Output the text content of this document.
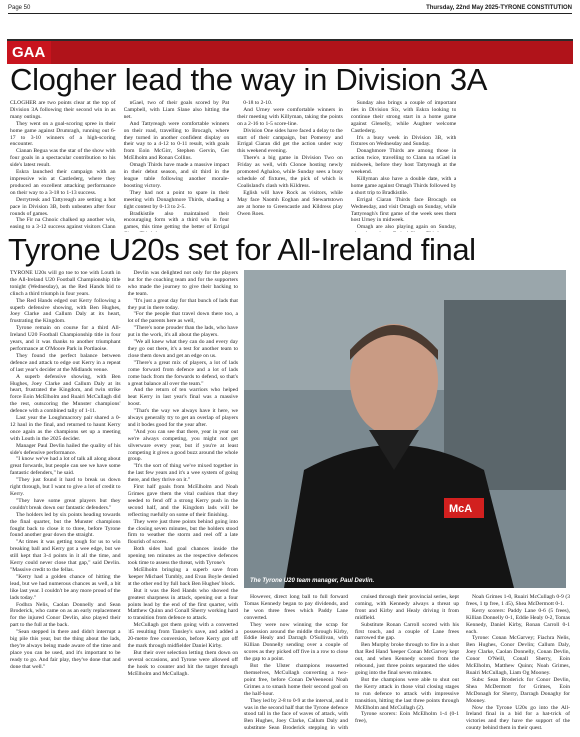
Page 50	Thursday, 22nd May 2025-TYRONE CONSTITUTION
GAA
Clogher lead the way in Division 3A

CLOGHER are two points clear at the top of Division 3A following their second win in as many outings.

They went on a goal-scoring spree in their home game against Drumragh, running out 6-17 to 3-10 winners of a high-scoring encounter.

Cianan Begua was the star of the show with four goals in a spectacular contribution to his side's latest result.

Eskra launched their campaign with an impressive win at Castlederg, where they produced an excellent attacking performance on their way to a 3-18 to 1-13 success.

Derrytresk and Tattyreagh are setting a hot pace in Division 3B, both unbeaten after four rounds of games.

The Fir na Chnoic chalked up another win, easing to a 3-12 success against visitors Clann

nGael, two of their goals scored by Pat Campbell, with Liam Slane also hitting the net.

And Tattyreagh were comfortable winners on their road, travelling to Brocagh, where they turned in another confident display on their way to a 4-12 to 0-11 result, with goals from Eoin McGirr, Stephen Gervin, Ger McElholm and Ronan Collins.

Omagh Thirds have made a massive impact in their debut season, and sit third in the league table following another morale-boosting victory.

They had not a point to spare in their meeting with Donaghmore Thirds, shading a tight contest by 0-13 to 2-5.

Bradkistile also maintained their encouraging form with a third win in four games, this time getting the better of Errigal

0-18 to 2-10.

And Urney were comfortable winners in their meeting with Killyman, taking the points on a 2-16 to 1-5 score-line.

Division One sides have faced a delay to the start of their campaign, but Pomeroy and Errigal Ciaran did get the action under way this weekend evening.

There's a big game in Division Two on Friday as well, with Clonoe hosting newly promoted Aghaloo, while Sunday sees a busy schedule of fixtures, the pick of which is Coalisland's clash with Kildress.

Eglish will have Rock as visitors, while May face Naomh Eoghan and Stewartstown are at home to Greencastle and Kildress play Owen Roes.

Sunday also brings a couple of important ties in Division Six, with Eskra looking to continue their strong start in a home game against Glenelly, while Aughter welcome Castlederg.

It's a busy week in Division 3B, with fixtures on Wednesday and Sunday.

Donaghmore Thirds are among those in action twice, travelling to Clann na nGael in midweek, before they host Tattyreagh at the weekend.

Killyman also have a double date, with a home game against Omagh Thirds followed by a short trip to Bradkistile.

Errigal Ciaran Thirds face Brocagh on Wednesday, and visit Omagh on Sunday, while Tattyreagh's first game of the week sees them host Urney in midweek.

Omagh are also playing again on Sunday,

Tyrone U20s set for All-Ireland final

TYRONE U20s will go toe to toe with Louth in the All-Ireland U20 Football Championship title tonight (Wednesday), as the Red Hands bid to clinch a third triumph in four years.

The Red Hands edged out Kerry following a superb defensive showing, with Ben Hughes, Joey Clarke and Callum Daly at its heart, frustrating the Kingdom.

Tyrone remain on course for a third All-Ireland U20 Football Championship title in four years, and it was thanks to another triumphant performance at O'Moore Park in Portlaoise.

They found the perfect balance between defence and attack to edge out Kerry in a repeat of last year's decider at the Midlands venue.

A superb defensive showing, with Ben Hughes, Joey Clarke and Callum Daly at its heart, frustrated the Kingdom, and twin strike force Eoin McElholm and Ruairi McCullagh did the rest, outscoring the Munster champions' defence with a combined tally of 1-11.

Last year the Loughmacrory pair shared a 0-12 haul in the final, and returned to haunt Kerry once again as the champions set up a meeting with Louth in the 2025 decider.

Manager Paul Devlin hailed the quality of his side's defensive performance.

"I know we've had a lot of talk all along about great forwards, but people can see we have some fantastic defenders," he said.

"They just found it hard to break us down right through, but I want to give a lot of credit to Kerry.

"They have some great players but they couldn't break down our fantastic defenders."

The holders led by six points heading towards the final quarter, but the Munster champions fought back to close it to three, before Tyrone found another gear down the straight.

"At times it was getting tough for us to win breaking ball and Kerry got a wee edge, but we still kept that 3-4 points in it all the time, and Kerry could never close that gap," said Devlin. "Massive credit to the fellas.

"Kerry had a golden chance of hitting the lead, but we had numerous chances as well, a bit like last year. I couldn't be any more proud of the lads today."

Fodhra Nelis, Caolan Donnelly and Sean Broderick, who came on as an early replacement for the injured Conor Devlin, also played their part to the full at the back.

"Sean stepped in there and didn't interrupt a big pile this year, but the thing about the lads, they're always being made aware of the time and place you can be used, and it's important to be ready to go. And fair play, they've done that and done that well."

Devlin was delighted not only for the players but for the coaching team and for the supporters who made the journey to give their backing to the team.

"It's just a great day for that bunch of lads that they put in there today.

"For the people that travel down there too, a lot of the parents here as well,

"There's none prouder than the lads, who have put in the work, it's all about the players.

"We all knew what they can do and every day they go out there, it's a test for another team to close them down and get an edge on us.

"There's a great mix of players, a lot of lads come forward from defence and a lot of lads come back from the forwards to defend, so that's a great balance all over the team."

And the return of ten warriors who helped beat Kerry in last year's final was a massive boost.

"That's the way we always have it here, we always generally try to get an overlap of players and it bodes good for the year after.

"And you can see that there, year in year out we're always competing, you might not get silverware every year, but if you're at least competing it gives a good buzz around the whole group.

"It's the sort of thing we've mixed together in the last few years and it's a wee system of going there, and they thrive on it."

First half goals from McElholm and Noah Grimes gave them the vital cushion that they needed to fend off a strong Kerry push in the second half, and the Kingdom lads will be reflecting ruefully on some of their finishing.

They were just three points behind going into the closing seven minutes, but the holders stood firm to weather the storm and reel off a late flourish of scores.

Both sides had goal chances inside the opening ten minutes as the respective defences took time to assess the threat, with Tyrone's

McElholm bringing a superb save from 'keeper Michael Tumbly, and Evan Boyle denied at the other end by full back Ben Hughes' block.

But it was the Red Hands who showed the greatest sharpness in attack, opening out a four points lead by the end of the first quarter, with Matthew Quinn and Conall Sherry working hard to transition from defence to attack.

McCullagh got them going with a converted '45 resulting from Tansley's save, and added a 20-metre free conversion, before Kerry got off the mark through midfielder Daniel Kirby.

But their over selection letting them down on several occasions, and Tyrone were allowed off the hook to counter and hit the target through McElholm and McCullagh.

McA
The Tyrone U20 team manager, Paul Devlin.

However, direct long ball to full forward Tomas Kennedy began to pay dividends, and he won three frees which Paddy Lane converted.

They were now winning the scrap for possession around the middle through Kirby, Eddie Healy and Darragh O'Sullivan, with Killian Donnelly sending over a couple of scores as they picked off five in a row to close the gap to a point.

But the Ulster champions reasserted themselves, McCullagh converting a two-point free, before Conan DeVeeneoni Noah Grimes a to smash home their second goal on the half-hour.

They led by 2-8 to 0-9 at the interval, and it was in the second half that the Tyrone defence stood tall in the face of waves of attack, with Ben Hughes, Joey Clarke, Callum Daly and substitute Sean Broderick stepping in with

cruised through their provincial series, kept coming, with Kennedy always a threat up front and Kirby and Healy driving it from midfield.

Substitute Ronan Carroll scored with his first touch, and a couple of Lane frees narrowed the gap.

Ben Murphy broke through to fire in a shot that Red Hand 'keeper Conan McGarvey kept out, and when Kennedy scored from the rebound, just three points separated the sides going into the final seven minutes.

But the champions were able to shut out the Kerry attack in those vital closing stages to run defence to attack with impressive transition, hitting the last three points through McElholm and McCullagh (2).

Tyrone scorers: Eoin McElholm 1-4 (0-1 free),

Noah Grimes 1-0, Ruairi McCullagh 0-9 (3 frees, 1 tp free, 1 45), Shea McDermott 0-1.

Kerry scorers: Paddy Lane 0-6 (5 frees), Killian Donnelly 0-1, Eddie Healy 0-2, Tomas Kennedy, Daniel Kirby, Ronan Carroll 0-1 each.

Tyrone: Conan McGarvey; Fiachra Nelis, Ben Hughes, Conor Devlin; Callum Daly, Joey Clarke, Caolan Donnelly, Conan Devlin, Conor O'Neill, Conall Sherry, Eoin McElholm, Matthew Quinn; Noah Grimes, Ruairi McCullagh, Liam Og Mooney.

Subs: Sean Broderick for Conor Devlin, Shea McDermott for Grimes, Eoin McDonagh for Sherry, Darragh Donaghy for Mooney.

Now the Tyrone U20s go into the All-Ireland final in a bid for a hat-trick of victories and they have the support of the county behind them in their quest.
